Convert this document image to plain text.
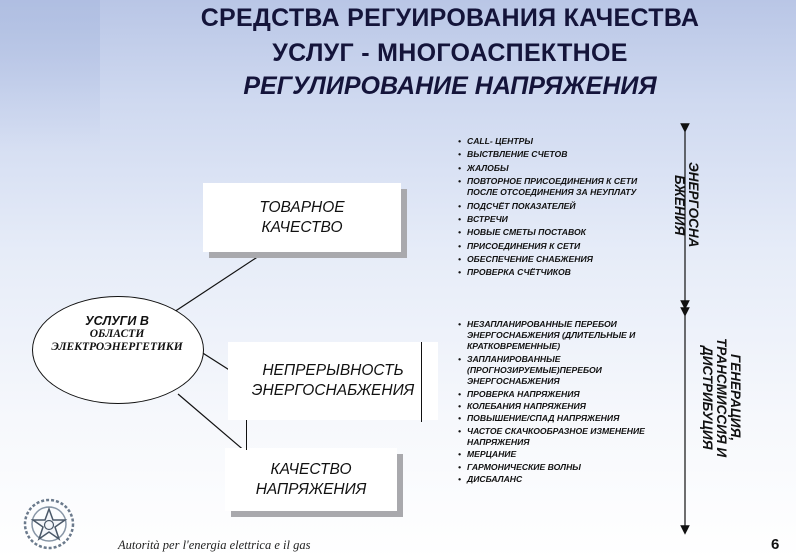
СРЕДСТВА РЕГУИРОВАНИЯ КАЧЕСТВА
УСЛУГ - МНОГОАСПЕКТНОЕ
РЕГУЛИРОВАНИЕ НАПРЯЖЕНИЯ
УСЛУГИ В
ОБЛАСТИ
ЭЛЕКТРОЭНЕРГЕТИКИ
ТОВАРНОЕ
КАЧЕСТВО
НЕПРЕРЫВНОСТЬ
ЭНЕРГОСНАБЖЕНИЯ
КАЧЕСТВО
НАПРЯЖЕНИЯ
• CALL- ЦЕНТРЫ
• ВЫСТВЛЕНИЕ СЧЕТОВ
• ЖАЛОБЫ
• ПОВТОРНОЕ ПРИСОЕДИНЕНИЯ К СЕТИ ПОСЛЕ ОТСОЕДИНЕНИЯ ЗА НЕУПЛАТУ
• ПОДСЧЁТ ПОКАЗАТЕЛЕЙ
• ВСТРЕЧИ
• НОВЫЕ СМЕТЫ ПОСТАВОК
• ПРИСОЕДИНЕНИЯ К СЕТИ
• ОБЕСПЕЧЕНИЕ СНАБЖЕНИЯ
• ПРОВЕРКА СЧЁТЧИКОВ
• НЕЗАПЛАНИРОВАННЫЕ ПЕРЕБОИ ЭНЕРГОСНАБЖЕНИЯ (ДЛИТЕЛЬНЫЕ И КРАТКОВРЕМЕННЫЕ)
• ЗАПЛАНИРОВАННЫЕ (ПРОГНОЗИРУЕМЫЕ)ПЕРЕБОИ ЭНЕРГОСНАБЖЕНИЯ
• ПРОВЕРКА НАПРЯЖЕНИЯ
• КОЛЕБАНИЯ НАПРЯЖЕНИЯ
• ПОВЫШЕНИЕ/СПАД НАПРЯЖЕНИЯ
• ЧАСТОЕ СКАЧКООБРАЗНОЕ ИЗМЕНЕНИЕ НАПРЯЖЕНИЯ
• МЕРЦАНИЕ
• ГАРМОНИЧЕСКИЕ ВОЛНЫ
• ДИСБАЛАНС
ЭНЕРГОСНА
БЖЕНИЯ
ГЕНЕРАЦИЯ,
ТРАНСМИССИЯ И
ДИСТРИБУЦИЯ
Autorità per l'energia elettrica e il gas	6
